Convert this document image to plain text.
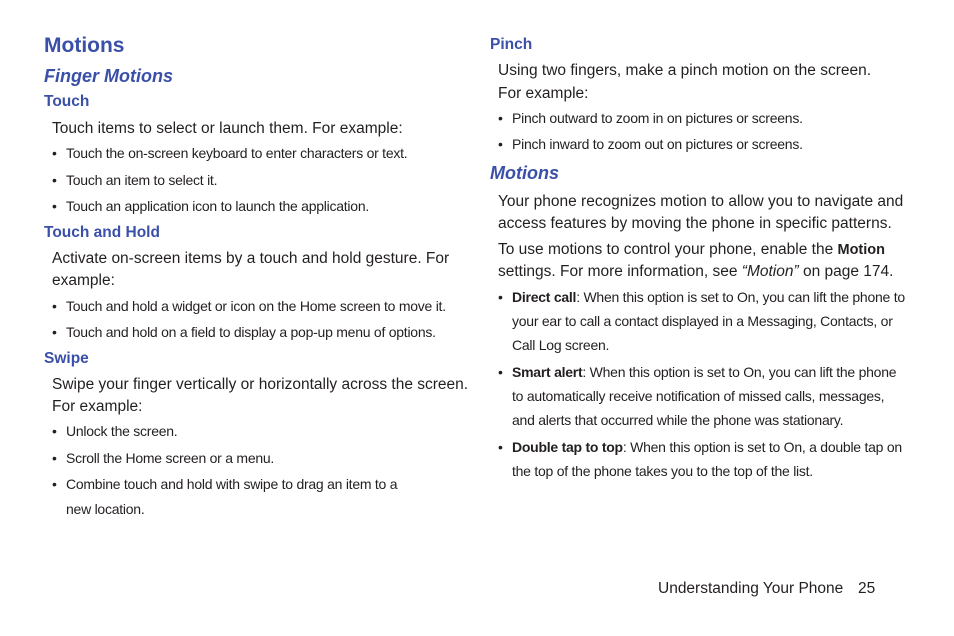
Motions
Finger Motions
Touch
Touch items to select or launch them. For example:
• Touch the on-screen keyboard to enter characters or text.
• Touch an item to select it.
• Touch an application icon to launch the application.
Touch and Hold
Activate on-screen items by a touch and hold gesture. For
example:
• Touch and hold a widget or icon on the Home screen to move it.
• Touch and hold on a field to display a pop-up menu of options.
Swipe
Swipe your finger vertically or horizontally across the screen.
For example:
• Unlock the screen.
• Scroll the Home screen or a menu.
• Combine touch and hold with swipe to drag an item to a
new location.
Pinch
Using two fingers, make a pinch motion on the screen.
For example:
• Pinch outward to zoom in on pictures or screens.
• Pinch inward to zoom out on pictures or screens.
Motions
Your phone recognizes motion to allow you to navigate and
access features by moving the phone in specific patterns.
To use motions to control your phone, enable the Motion
settings. For more information, see “Motion” on page 174.
• Direct call: When this option is set to On, you can lift the phone to
your ear to call a contact displayed in a Messaging, Contacts, or
Call Log screen.
• Smart alert: When this option is set to On, you can lift the phone
to automatically receive notification of missed calls, messages,
and alerts that occurred while the phone was stationary.
• Double tap to top: When this option is set to On, a double tap on
the top of the phone takes you to the top of the list.
Understanding Your Phone 25
